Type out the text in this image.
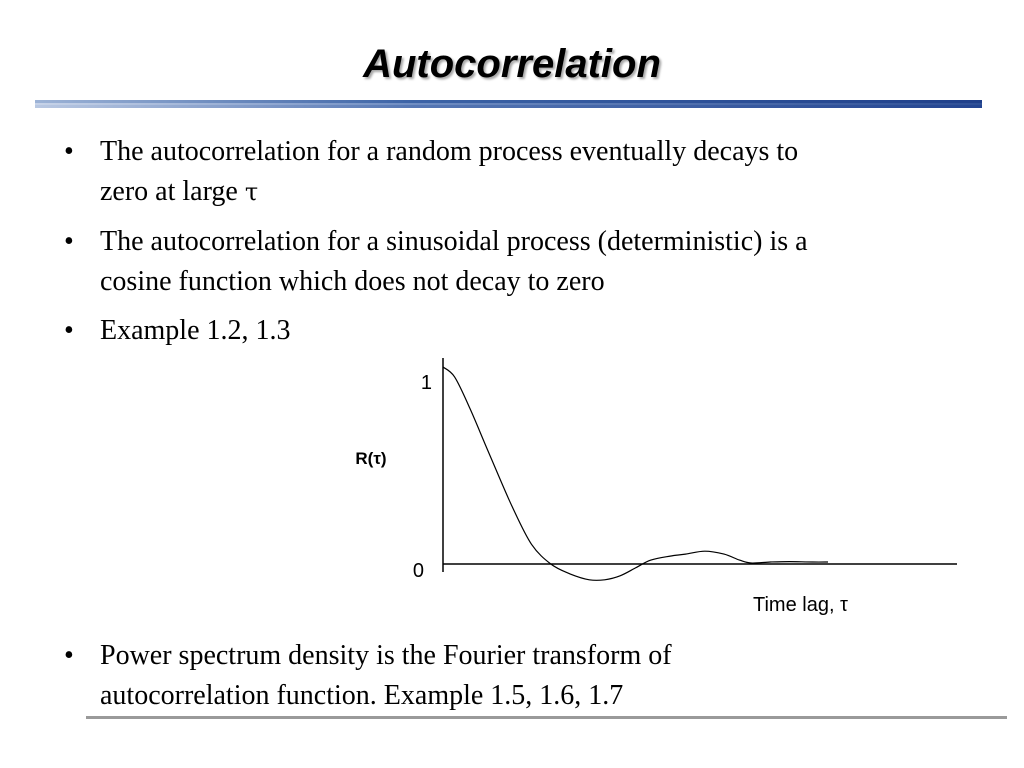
Autocorrelation
• The autocorrelation for a random process eventually decays to
zero at large τ
• The autocorrelation for a sinusoidal process (deterministic) is a
cosine function which does not decay to zero
• Example 1.2, 1.3
1
0
R(τ)
Time lag, τ
• Power spectrum density is the Fourier transform of
autocorrelation function. Example 1.5, 1.6, 1.7
